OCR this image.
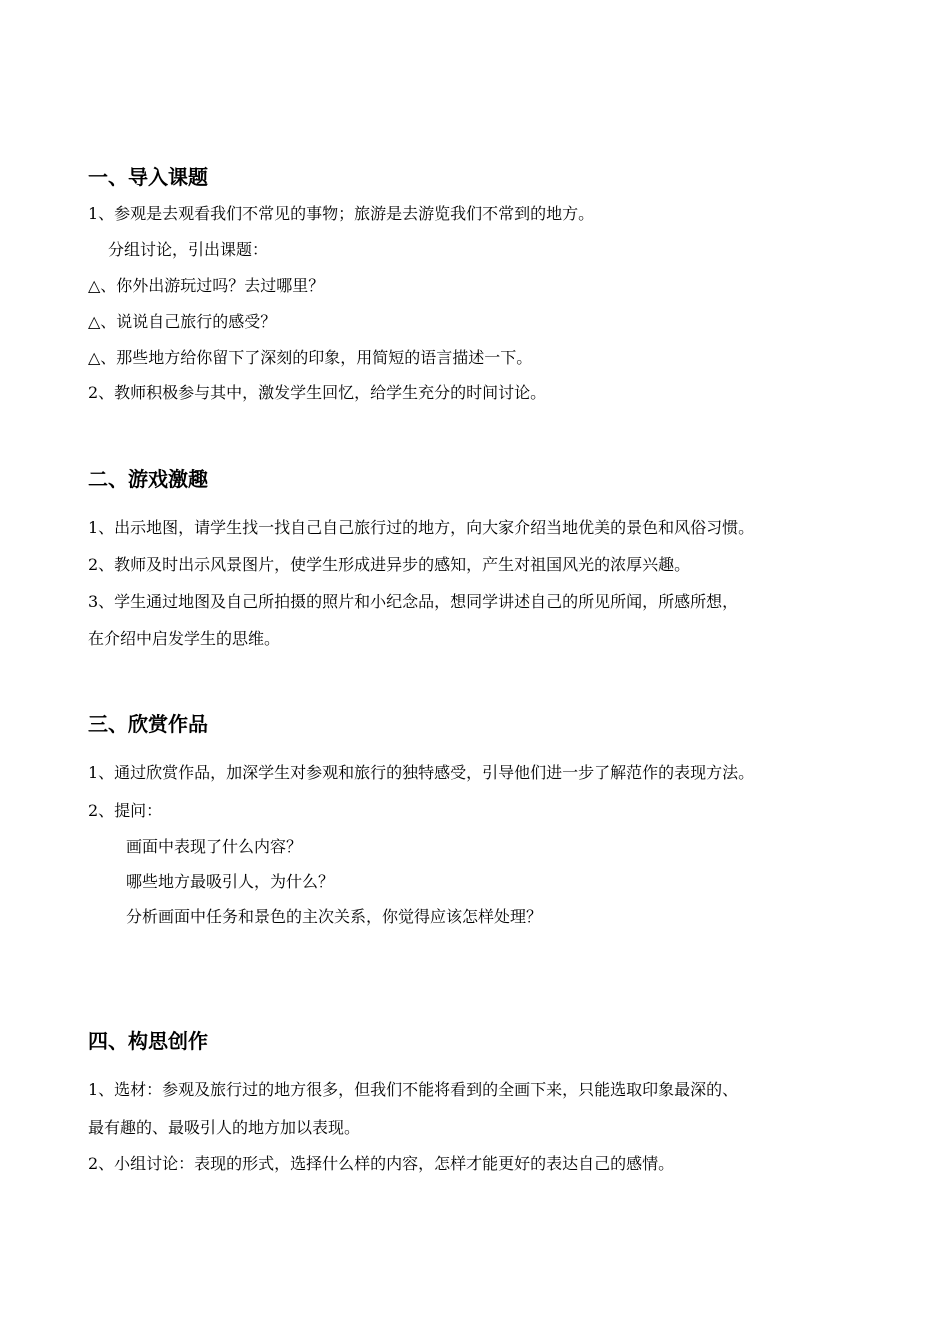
一、导入课题
1、参观是去观看我们不常见的事物；旅游是去游览我们不常到的地方。
分组讨论，引出课题：
△、你外出游玩过吗？去过哪里？
△、说说自己旅行的感受？
△、那些地方给你留下了深刻的印象，用简短的语言描述一下。
2、教师积极参与其中，激发学生回忆，给学生充分的时间讨论。
二、游戏激趣
1、出示地图，请学生找一找自己自己旅行过的地方，向大家介绍当地优美的景色和风俗习惯。
2、教师及时出示风景图片，使学生形成进异步的感知，产生对祖国风光的浓厚兴趣。
3、学生通过地图及自己所拍摄的照片和小纪念品，想同学讲述自己的所见所闻，所感所想，
在介绍中启发学生的思维。
三、欣赏作品
1、通过欣赏作品，加深学生对参观和旅行的独特感受，引导他们进一步了解范作的表现方法。
2、提问：
画面中表现了什么内容？
哪些地方最吸引人，为什么？
分析画面中任务和景色的主次关系，你觉得应该怎样处理？
四、构思创作
1、选材：参观及旅行过的地方很多，但我们不能将看到的全画下来，只能选取印象最深的、
最有趣的、最吸引人的地方加以表现。
2、小组讨论：表现的形式，选择什么样的内容，怎样才能更好的表达自己的感情。
